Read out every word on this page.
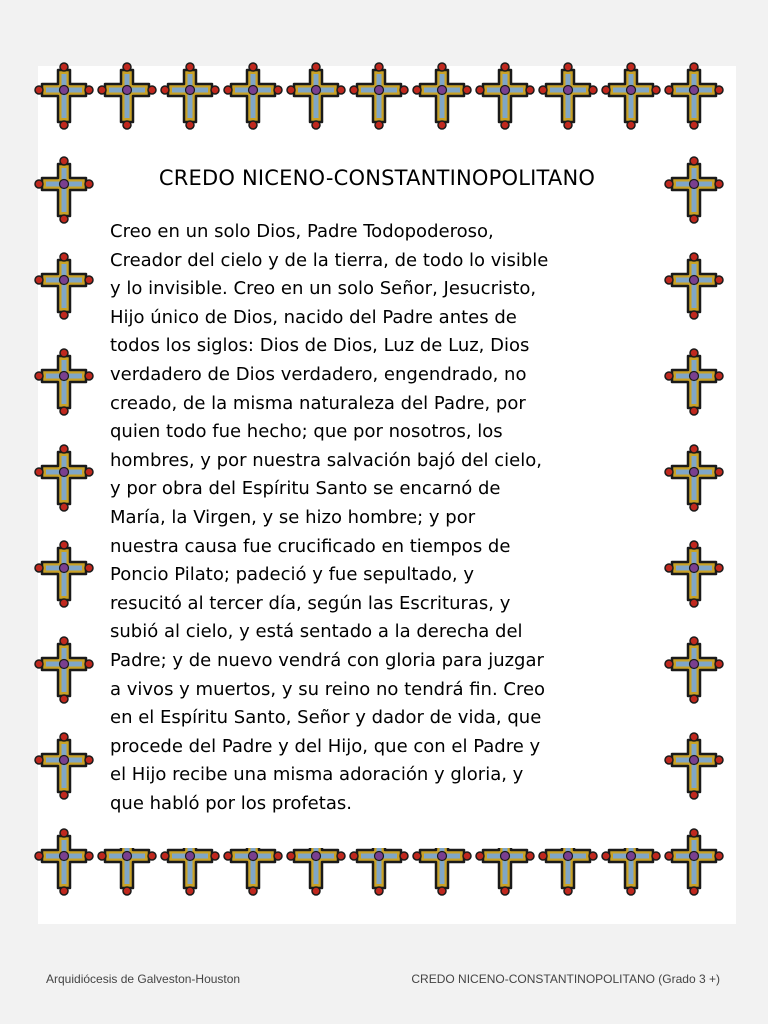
CREDO NICENO-CONSTANTINOPOLITANO

Creo en un solo Dios, Padre Todopoderoso,
Creador del cielo y de la tierra, de todo lo visible
y lo invisible. Creo en un solo Señor, Jesucristo,
Hijo único de Dios, nacido del Padre antes de
todos los siglos: Dios de Dios, Luz de Luz, Dios
verdadero de Dios verdadero, engendrado, no
creado, de la misma naturaleza del Padre, por
quien todo fue hecho; que por nosotros, los
hombres, y por nuestra salvación bajó del cielo,
y por obra del Espíritu Santo se encarnó de
María, la Virgen, y se hizo hombre; y por
nuestra causa fue crucificado en tiempos de
Poncio Pilato; padeció y fue sepultado, y
resucitó al tercer día, según las Escrituras, y
subió al cielo, y está sentado a la derecha del
Padre; y de nuevo vendrá con gloria para juzgar
a vivos y muertos, y su reino no tendrá fin. Creo
en el Espíritu Santo, Señor y dador de vida, que
procede del Padre y del Hijo, que con el Padre y
el Hijo recibe una misma adoración y gloria, y
que habló por los profetas.

Arquidiócesis de Galveston-Houston	CREDO NICENO-CONSTANTINOPOLITANO (Grado 3 +)
